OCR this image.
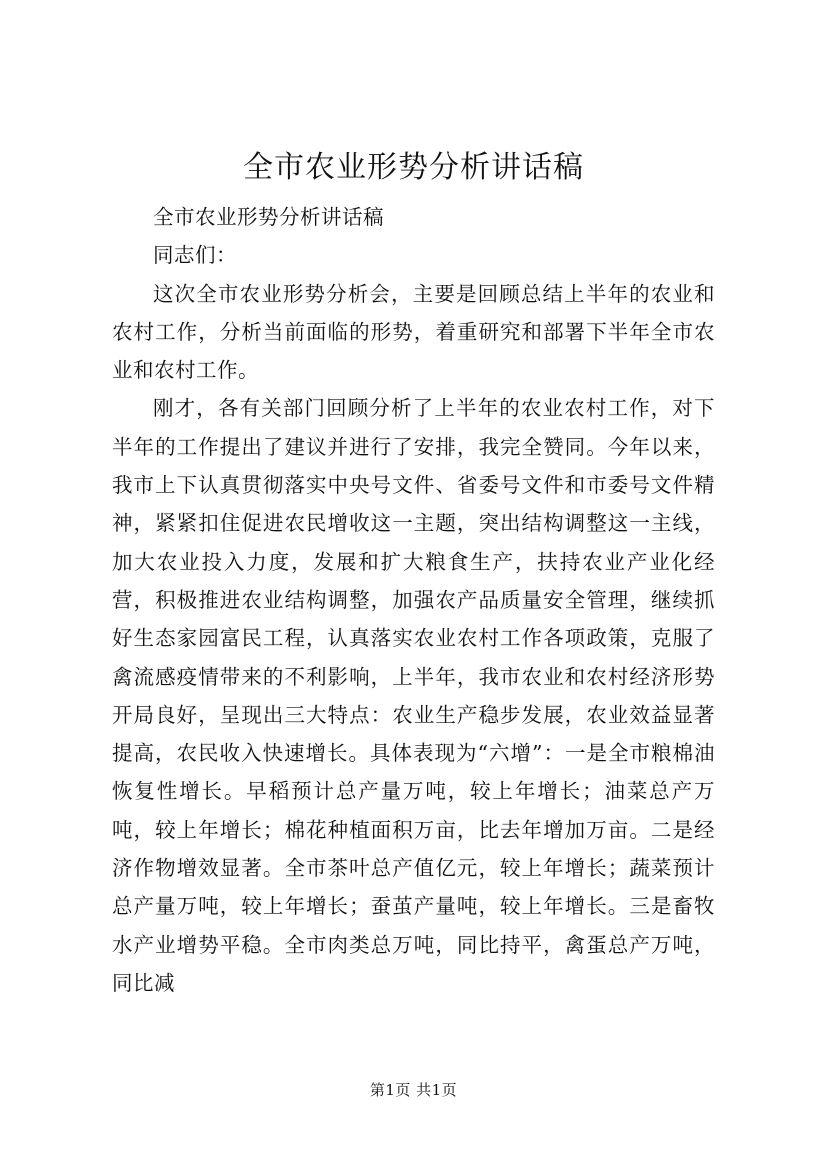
全市农业形势分析讲话稿

全市农业形势分析讲话稿

同志们：

这次全市农业形势分析会，主要是回顾总结上半年的农业和农村工作，分析当前面临的形势，着重研究和部署下半年全市农业和农村工作。

刚才，各有关部门回顾分析了上半年的农业农村工作，对下半年的工作提出了建议并进行了安排，我完全赞同。今年以来，我市上下认真贯彻落实中央号文件、省委号文件和市委号文件精神，紧紧扣住促进农民增收这一主题，突出结构调整这一主线，加大农业投入力度，发展和扩大粮食生产，扶持农业产业化经营，积极推进农业结构调整，加强农产品质量安全管理，继续抓好生态家园富民工程，认真落实农业农村工作各项政策，克服了禽流感疫情带来的不利影响，上半年，我市农业和农村经济形势开局良好，呈现出三大特点：农业生产稳步发展，农业效益显著提高，农民收入快速增长。具体表现为“六增”：一是全市粮棉油恢复性增长。早稻预计总产量万吨，较上年增长；油菜总产万吨，较上年增长；棉花种植面积万亩，比去年增加万亩。二是经济作物增效显著。全市茶叶总产值亿元，较上年增长；蔬菜预计总产量万吨，较上年增长；蚕茧产量吨，较上年增长。三是畜牧水产业增势平稳。全市肉类总万吨，同比持平，禽蛋总产万吨，同比减

第1页 共1页
